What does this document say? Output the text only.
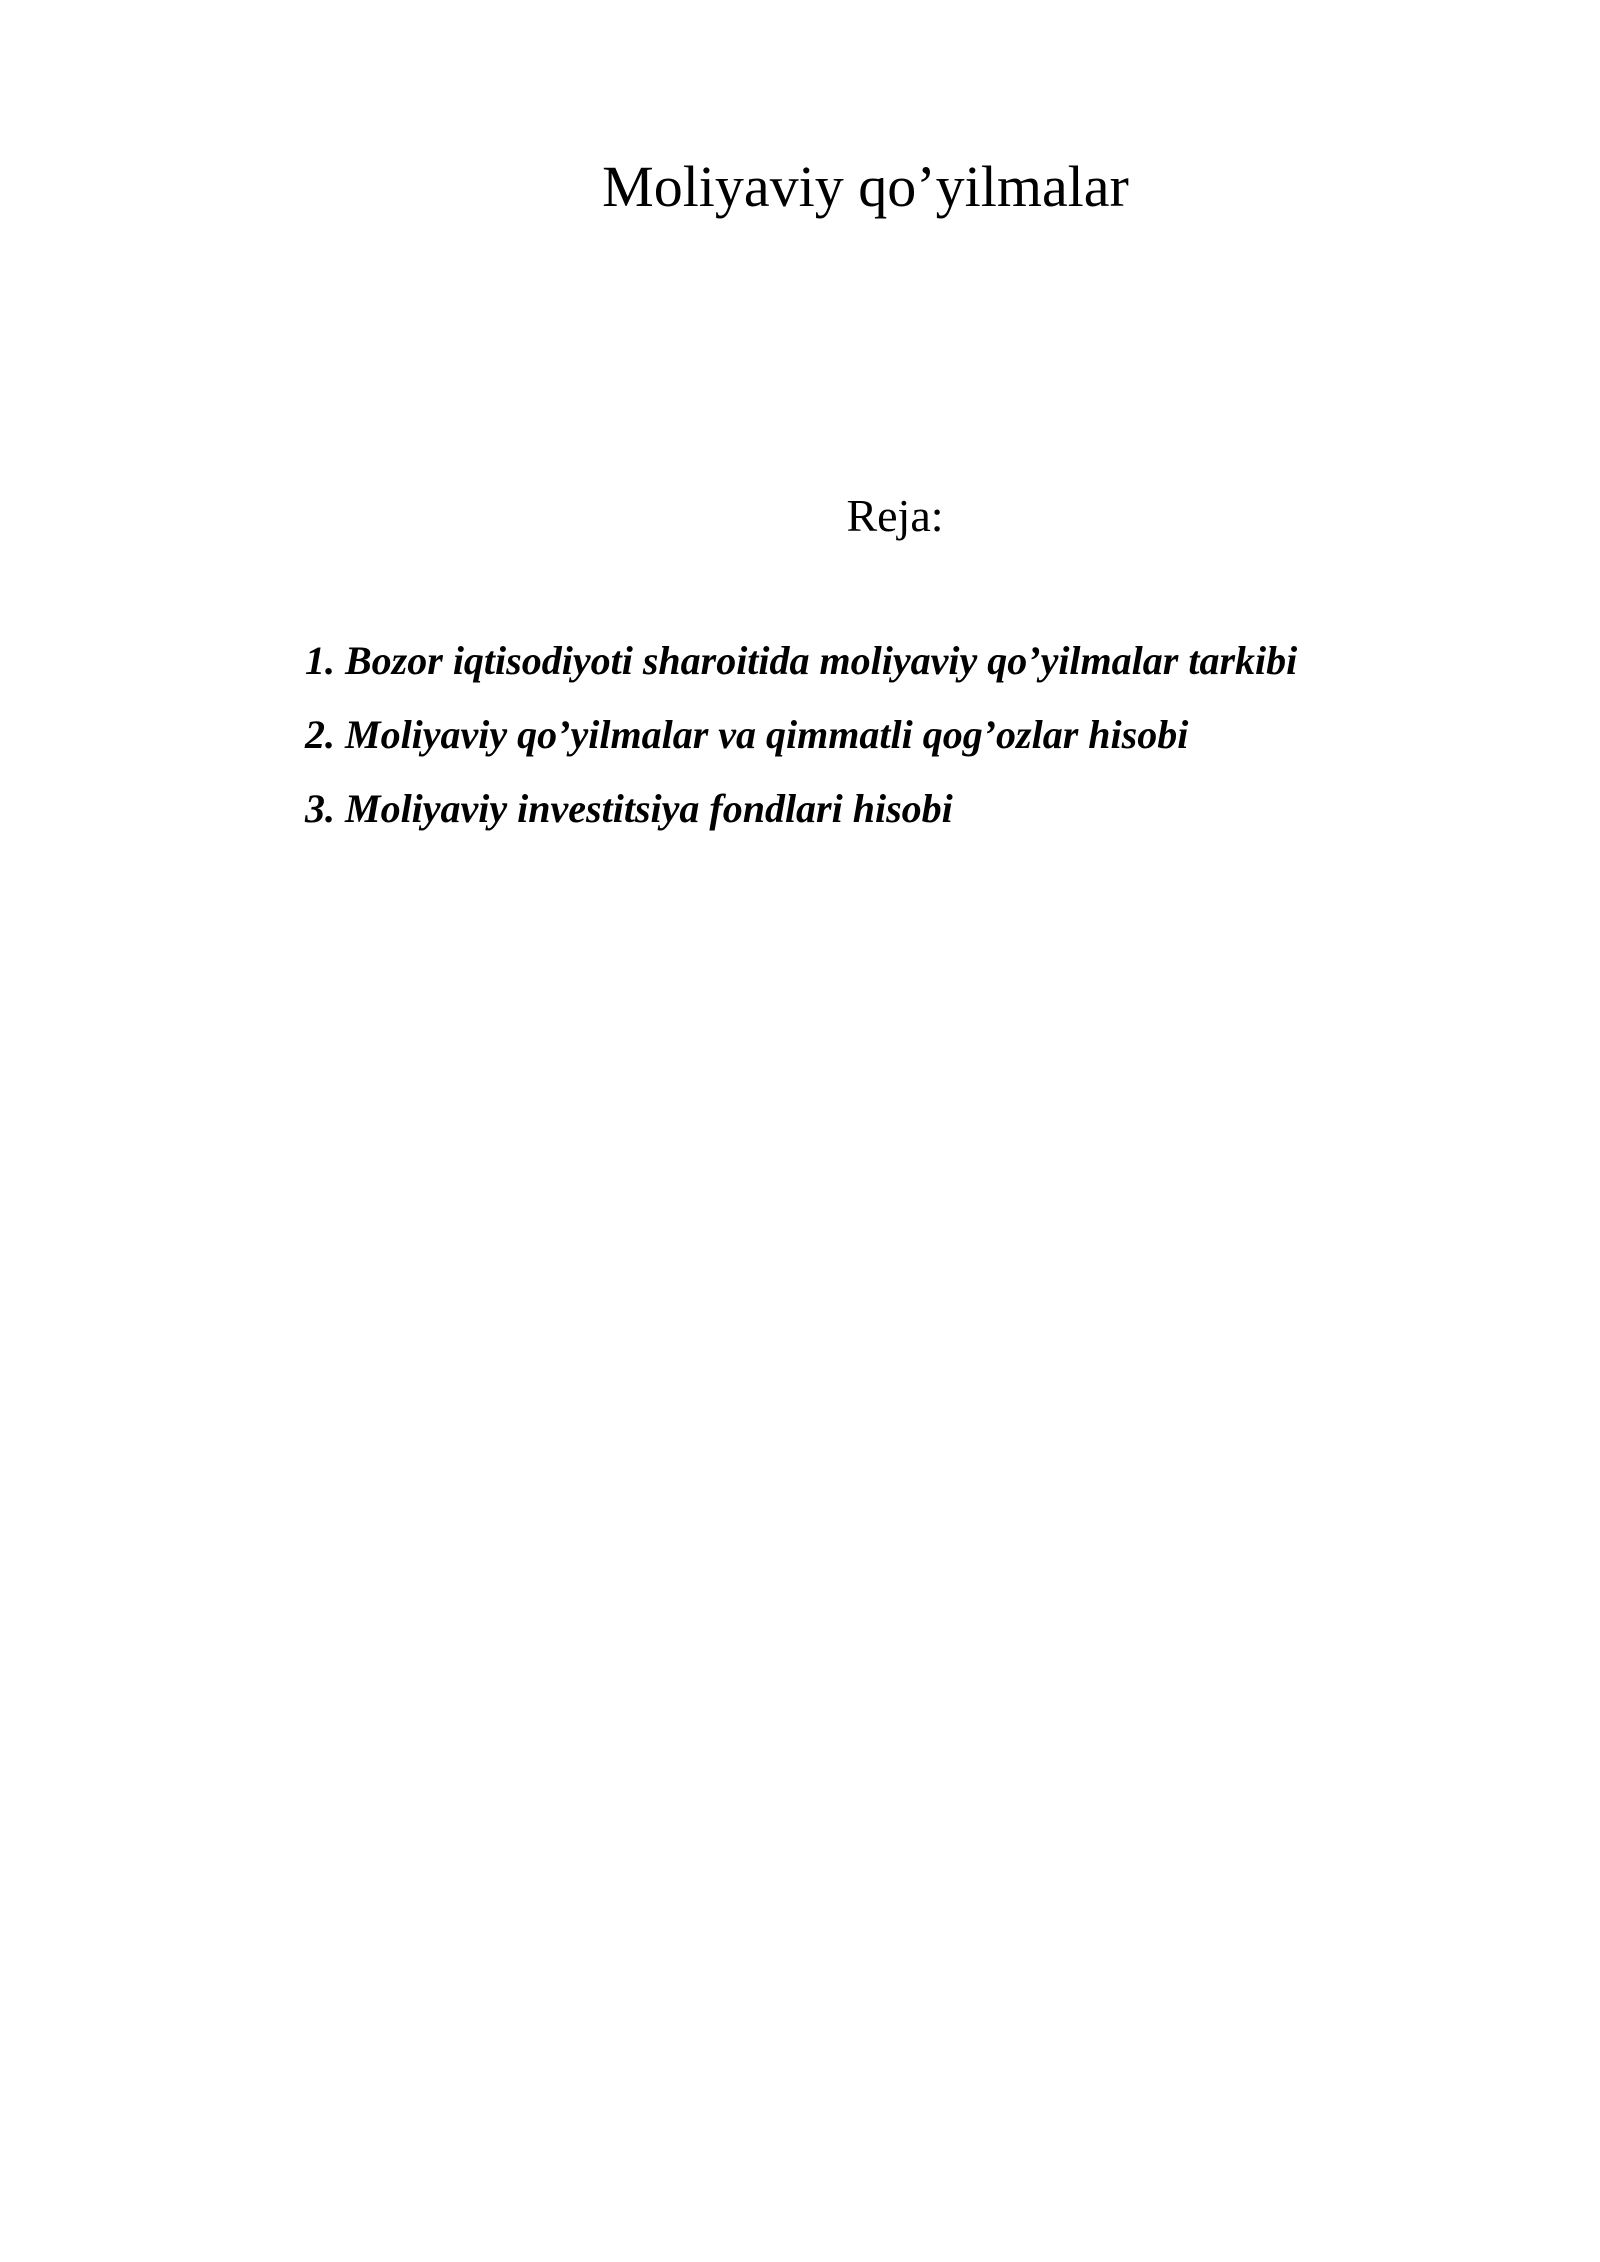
Moliyaviy qo’yilmalar
Reja:
1. Bozor iqtisodiyoti sharoitida moliyaviy qo’yilmalar tarkibi
2. Moliyaviy qo’yilmalar va qimmatli qog’ozlar hisobi
3. Moliyaviy investitsiya fondlari hisobi
